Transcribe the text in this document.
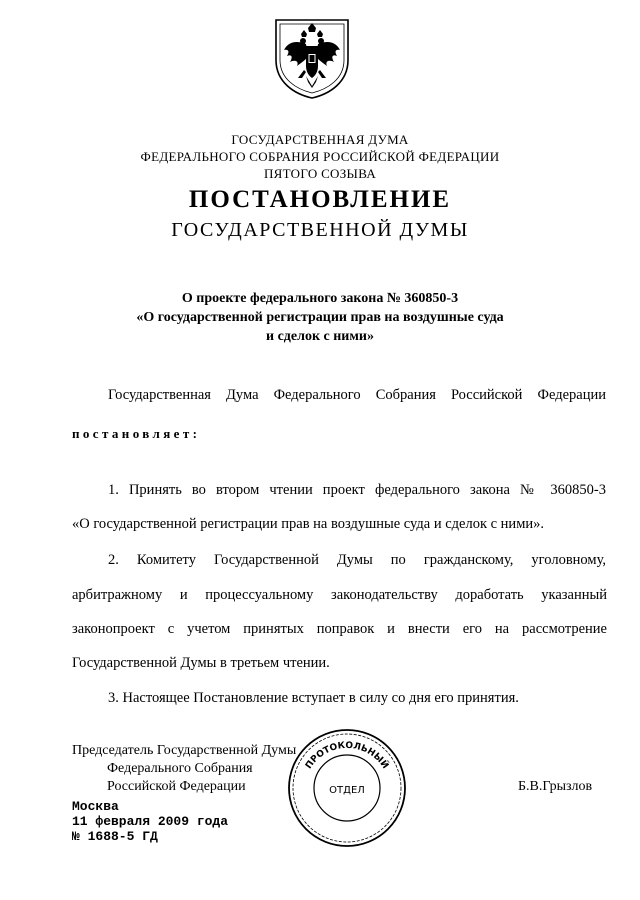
ГОСУДАРСТВЕННАЯ ДУМА
ФЕДЕРАЛЬНОГО СОБРАНИЯ РОССИЙСКОЙ ФЕДЕРАЦИИ
ПЯТОГО СОЗЫВА
ПОСТАНОВЛЕНИЕ
ГОСУДАРСТВЕННОЙ ДУМЫ
О проекте федерального закона № 360850-3
«О государственной регистрации прав на воздушные суда
и сделок с ними»
Государственная Дума Федерального Собрания Российской Федерации
постановляет:
1. Принять во втором чтении проект федерального закона № 360850-3
«О государственной регистрации прав на воздушные суда и сделок с ними».
2. Комитету Государственной Думы по гражданскому, уголовному,
арбитражному и процессуальному законодательству доработать указанный
законопроект с учетом принятых поправок и внести его на рассмотрение
Государственной Думы в третьем чтении.
3. Настоящее Постановление вступает в силу со дня его принятия.
Председатель Государственной Думы
Федерального Собрания
Российской Федерации	Б.В.Грызлов
ПРОТОКОЛЬНЫЙ
ОТДЕЛ
Москва
11 февраля 2009 года
№ 1688-5 ГД
